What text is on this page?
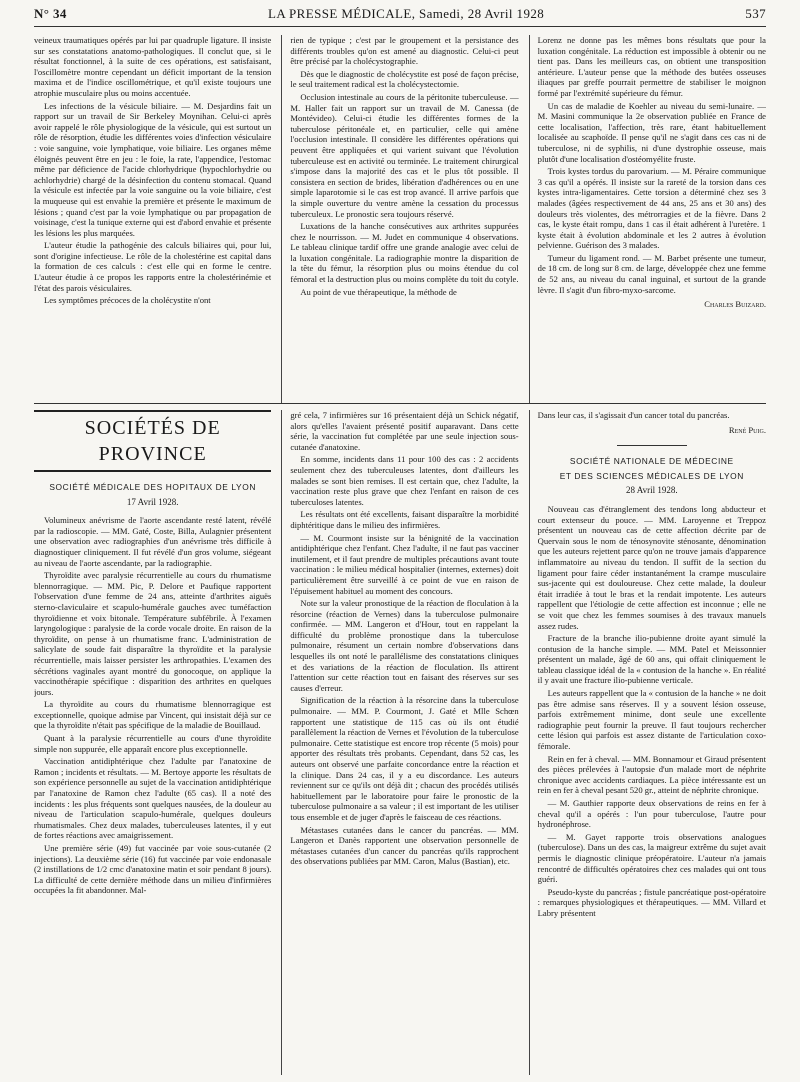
N° 34	LA PRESSE MÉDICALE, Samedi, 28 Avril 1928	537

veineux traumatiques opérés par lui par quadruple ligature. Il insiste sur ses constatations anatomo-pathologiques. Il conclut que, si le résultat fonctionnel, à la suite de ces opérations, est satisfaisant, l'oscillomètre montre cependant un déficit important de la tension maxima et de l'indice oscillométrique, et qu'il existe toujours une atrophie musculaire plus ou moins accentuée.

Les infections de la vésicule biliaire. — M. Desjardins fait un rapport sur un travail de Sir Berkeley Moynihan. Celui-ci après avoir rappelé le rôle physiologique de la vésicule, qui est surtout un rôle de résorption, étudie les différentes voies d'infection vésiculaire : voie sanguine, voie lymphatique, voie biliaire. Les organes même éloignés peuvent être en jeu : le foie, la rate, l'appendice, l'estomac même par déficience de l'acide chlorhydrique (hypochlorhydrie ou achlorhydrie) chargé de la désinfection du contenu stomacal. Quand la vésicule est infectée par la voie sanguine ou la voie biliaire, c'est la muqueuse qui est envahie la première et présente le maximum de lésions ; quand c'est par la voie lymphatique ou par propagation de voisinage, c'est la tunique externe qui est d'abord envahie et présente les lésions les plus marquées.

L'auteur étudie la pathogénie des calculs biliaires qui, pour lui, sont d'origine infectieuse. Le rôle de la cholestérine est capital dans la formation de ces calculs : c'est elle qui en forme le centre. L'auteur étudie à ce propos les rapports entre la cholestérinémie et l'état des parois vésiculaires.

Les symptômes précoces de la cholécystite n'ont

rien de typique ; c'est par le groupement et la persistance des différents troubles qu'on est amené au diagnostic. Celui-ci peut être précisé par la cholécystographie.

Dès que le diagnostic de cholécystite est posé de façon précise, le seul traitement radical est la cholécystectomie.

Occlusion intestinale au cours de la péritonite tuberculeuse. — M. Haller fait un rapport sur un travail de M. Canessa (de Montévideo). Celui-ci étudie les différentes formes de la tuberculose péritonéale et, en particulier, celle qui amène l'occlusion intestinale. Il considère les différentes opérations qui peuvent être appliquées et qui varient suivant que l'évolution tuberculeuse est en activité ou terminée. Le traitement chirurgical s'impose dans la majorité des cas et le plus tôt possible. Il consistera en section de brides, libération d'adhérences ou en une simple laparotomie si le cas est trop avancé. Il arrive parfois que la simple ouverture du ventre amène la cessation du processus tuberculeux. Le pronostic sera toujours réservé.

Luxations de la hanche consécutives aux arthrites suppurées chez le nourrisson. — M. Judet en communique 4 observations. Le tableau clinique tardif offre une grande analogie avec celui de la luxation congénitale. La radiographie montre la disparition de la tête du fémur, la résorption plus ou moins étendue du col fémoral et la destruction plus ou moins complète du toit du cotyle.

Au point de vue thérapeutique, la méthode de

Lorenz ne donne pas les mêmes bons résultats que pour la luxation congénitale. La réduction est impossible à obtenir ou ne tient pas. Dans les meilleurs cas, on obtient une transposition antérieure. L'auteur pense que la méthode des butées osseuses iliaques par greffe pourrait permettre de stabiliser le moignon formé par l'extrémité supérieure du fémur.

Un cas de maladie de Koehler au niveau du semi-lunaire. — M. Masini communique la 2e observation publiée en France de cette localisation, l'affection, très rare, étant habituellement localisée au scaphoïde. Il pense qu'il ne s'agit dans ces cas ni de tuberculose, ni de syphilis, ni d'une dystrophie osseuse, mais plutôt d'une localisation d'ostéomyélite fruste.

Trois kystes tordus du parovarium. — M. Péraire communique 3 cas qu'il a opérés. Il insiste sur la rareté de la torsion dans ces kystes intra-ligamentaires. Cette torsion a déterminé chez ses 3 malades (âgées respectivement de 44 ans, 25 ans et 30 ans) des douleurs très violentes, des métrorragies et de la fièvre. Dans 2 cas, le kyste était rompu, dans 1 cas il était adhérent à l'uretère. 1 kyste était à évolution abdominale et les 2 autres à évolution pelvienne. Guérison des 3 malades.

Tumeur du ligament rond. — M. Barbet présente une tumeur, de 18 cm. de long sur 8 cm. de large, développée chez une femme de 52 ans, au niveau du canal inguinal, et surtout de la grande lèvre. Il s'agit d'un fibro-myxo-sarcome.

Charles Buizard.
SOCIÉTÉS DE PROVINCE
SOCIÉTÉ MÉDICALE DES HOPITAUX DE LYON
17 Avril 1928.

Volumineux anévrisme de l'aorte ascendante resté latent, révélé par la radioscopie. — MM. Gaté, Coste, Billa, Aulagnier présentent une observation avec radiographies d'un anévrisme très difficile à diagnostiquer cliniquement. Il fut révélé d'un gros volume, siégeant au niveau de l'aorte ascendante, par la radiographie.

Thyroïdite avec paralysie récurrentielle au cours du rhumatisme blennorragique. — MM. Pic, P. Delore et Paufique rapportent l'observation d'une femme de 24 ans, atteinte d'arthrites aiguës sterno-claviculaire et scapulo-humérale gauches avec tuméfaction thyroïdienne et voix bitonale. Température subfébrile. À l'examen laryngologique : paralysie de la corde vocale droite. En raison de la thyroïdite, on pense à un rhumatisme franc. L'administration de salicylate de soude fait disparaître la thyroïdite et la paralysie récurrentielle, mais laisser persister les arthropathies. L'examen des sécrétions vaginales ayant montré du gonocoque, on applique la vaccinothérapie spécifique : disparition des arthrites en quelques jours.

La thyroïdite au cours du rhumatisme blennorragique est exceptionnelle, quoique admise par Vincent, qui insistait déjà sur ce que la thyroïdite n'était pas spécifique de la maladie de Bouillaud.

Quant à la paralysie récurrentielle au cours d'une thyroïdite simple non suppurée, elle apparaît encore plus exceptionnelle.

Vaccination antidiphtérique chez l'adulte par l'anatoxine de Ramon ; incidents et résultats. — M. Bertoye apporte les résultats de son expérience personnelle au sujet de la vaccination antidiphtérique par l'anatoxine de Ramon chez l'adulte (65 cas). Il a noté des incidents : les plus fréquents sont quelques nausées, de la douleur au niveau de l'articulation scapulo-humérale, quelques douleurs rhumatismales. Chez deux malades, tuberculeuses latentes, il y eut de fortes réactions avec amaigrissement.

Une première série (49) fut vaccinée par voie sous-cutanée (2 injections). La deuxième série (16) fut vaccinée par voie endonasale (2 instillations de 1/2 cmc d'anatoxine matin et soir pendant 8 jours). La difficulté de cette dernière méthode dans un milieu d'infirmières occupées la fit abandonner. Mal-

gré cela, 7 infirmières sur 16 présentaient déjà un Schick négatif, alors qu'elles l'avaient présenté positif auparavant. Dans cette série, la vaccination fut complétée par une seule injection sous-cutanée d'anatoxine.

En somme, incidents dans 11 pour 100 des cas : 2 accidents seulement chez des tuberculeuses latentes, dont d'ailleurs les malades se sont bien remises. Il est certain que, chez l'adulte, la vaccination reste plus grave que chez l'enfant en raison de ces tuberculoses latentes.

Les résultats ont été excellents, faisant disparaître la morbidité diphtéritique dans le milieu des infirmières.

— M. Courmont insiste sur la bénignité de la vaccination antidiphtérique chez l'enfant. Chez l'adulte, il ne faut pas vacciner inutilement, et il faut prendre de multiples précautions avant toute vaccination : le milieu médical hospitalier (internes, externes) doit particulièrement être surveillé à ce point de vue en raison de l'épuisement habituel au moment des concours.

Note sur la valeur pronostique de la réaction de floculation à la résorcine (réaction de Vernes) dans la tuberculose pulmonaire confirmée. — MM. Langeron et d'Hour, tout en rappelant la difficulté du problème pronostique dans la tuberculose pulmonaire, résument un certain nombre d'observations dans lesquelles ils ont noté le parallélisme des constatations cliniques et des variations de la réaction de floculation. Ils attirent l'attention sur cette réaction tout en faisant des réserves sur ses causes d'erreur.

Signification de la réaction à la résorcine dans la tuberculose pulmonaire. — MM. P. Courmont, J. Gaté et Mlle Schœn rapportent une statistique de 115 cas où ils ont étudié parallèlement la réaction de Vernes et l'évolution de la tuberculose pulmonaire. Cette statistique est encore trop récente (5 mois) pour apporter des résultats très probants. Cependant, dans 52 cas, les auteurs ont observé une parfaite concordance entre la réaction et la clinique. Dans 24 cas, il y a eu discordance. Les auteurs reviennent sur ce qu'ils ont déjà dit ; chacun des procédés utilisés habituellement par le laboratoire pour faire le pronostic de la tuberculose pulmonaire a sa valeur ; il est important de les utiliser tous ensemble et de juger d'après le faisceau de ces réactions.

Métastases cutanées dans le cancer du pancréas. — MM. Langeron et Danès rapportent une observation personnelle de métastases cutanées d'un cancer du pancréas qu'ils rapprochent des observations publiées par MM. Caron, Malus (Bastian), etc.

Dans leur cas, il s'agissait d'un cancer total du pancréas.

René Puig.
SOCIÉTÉ NATIONALE DE MÉDECINE
ET DES SCIENCES MÉDICALES DE LYON
28 Avril 1928.

Nouveau cas d'étranglement des tendons long abducteur et court extenseur du pouce. — MM. Laroyenne et Treppoz présentent un nouveau cas de cette affection décrite par de Quervain sous le nom de ténosynovite sténosante, dénomination que les auteurs rejettent parce qu'on ne trouve jamais d'apparence inflammatoire au niveau du tendon. Il suffit de la section du ligament pour faire céder instantanément la crampe musculaire sus-jacente qui est douloureuse. Chez cette malade, la douleur était irradiée à tout le bras et la rendait impotente. Les auteurs rappellent que l'étiologie de cette affection est inconnue ; elle ne se voit que chez les femmes soumises à des travaux manuels assez rudes.

Fracture de la branche ilio-pubienne droite ayant simulé la contusion de la hanche simple. — MM. Patel et Meissonnier présentent un malade, âgé de 60 ans, qui offait cliniquement le tableau classique idéal de la « contusion de la hanche ». En réalité il y avait une fracture ilio-pubienne verticale.

Les auteurs rappellent que la « contusion de la hanche » ne doit pas être admise sans réserves. Il y a souvent lésion osseuse, parfois extrêmement minime, dont seule une excellente radiographie peut fournir la preuve. Il faut toujours rechercher cette lésion qui parfois est assez distante de l'articulation coxo-fémorale.

Rein en fer à cheval. — MM. Bonnamour et Giraud présentent des pièces prélevées à l'autopsie d'un malade mort de néphrite chronique avec accidents cardiaques. La pièce intéressante est un rein en fer à cheval pesant 520 gr., atteint de néphrite chronique.

— M. Gauthier rapporte deux observations de reins en fer à cheval qu'il a opérés : l'un pour tuberculose, l'autre pour hydronéphrose.

— M. Gayet rapporte trois observations analogues (tuberculose). Dans un des cas, la maigreur extrême du sujet avait permis le diagnostic clinique préopératoire. L'auteur n'a jamais rencontré de difficultés opératoires chez ces malades qui ont tous guéri.

Pseudo-kyste du pancréas ; fistule pancréatique post-opératoire : remarques physiologiques et thérapeutiques. — MM. Villard et Labry présentent
